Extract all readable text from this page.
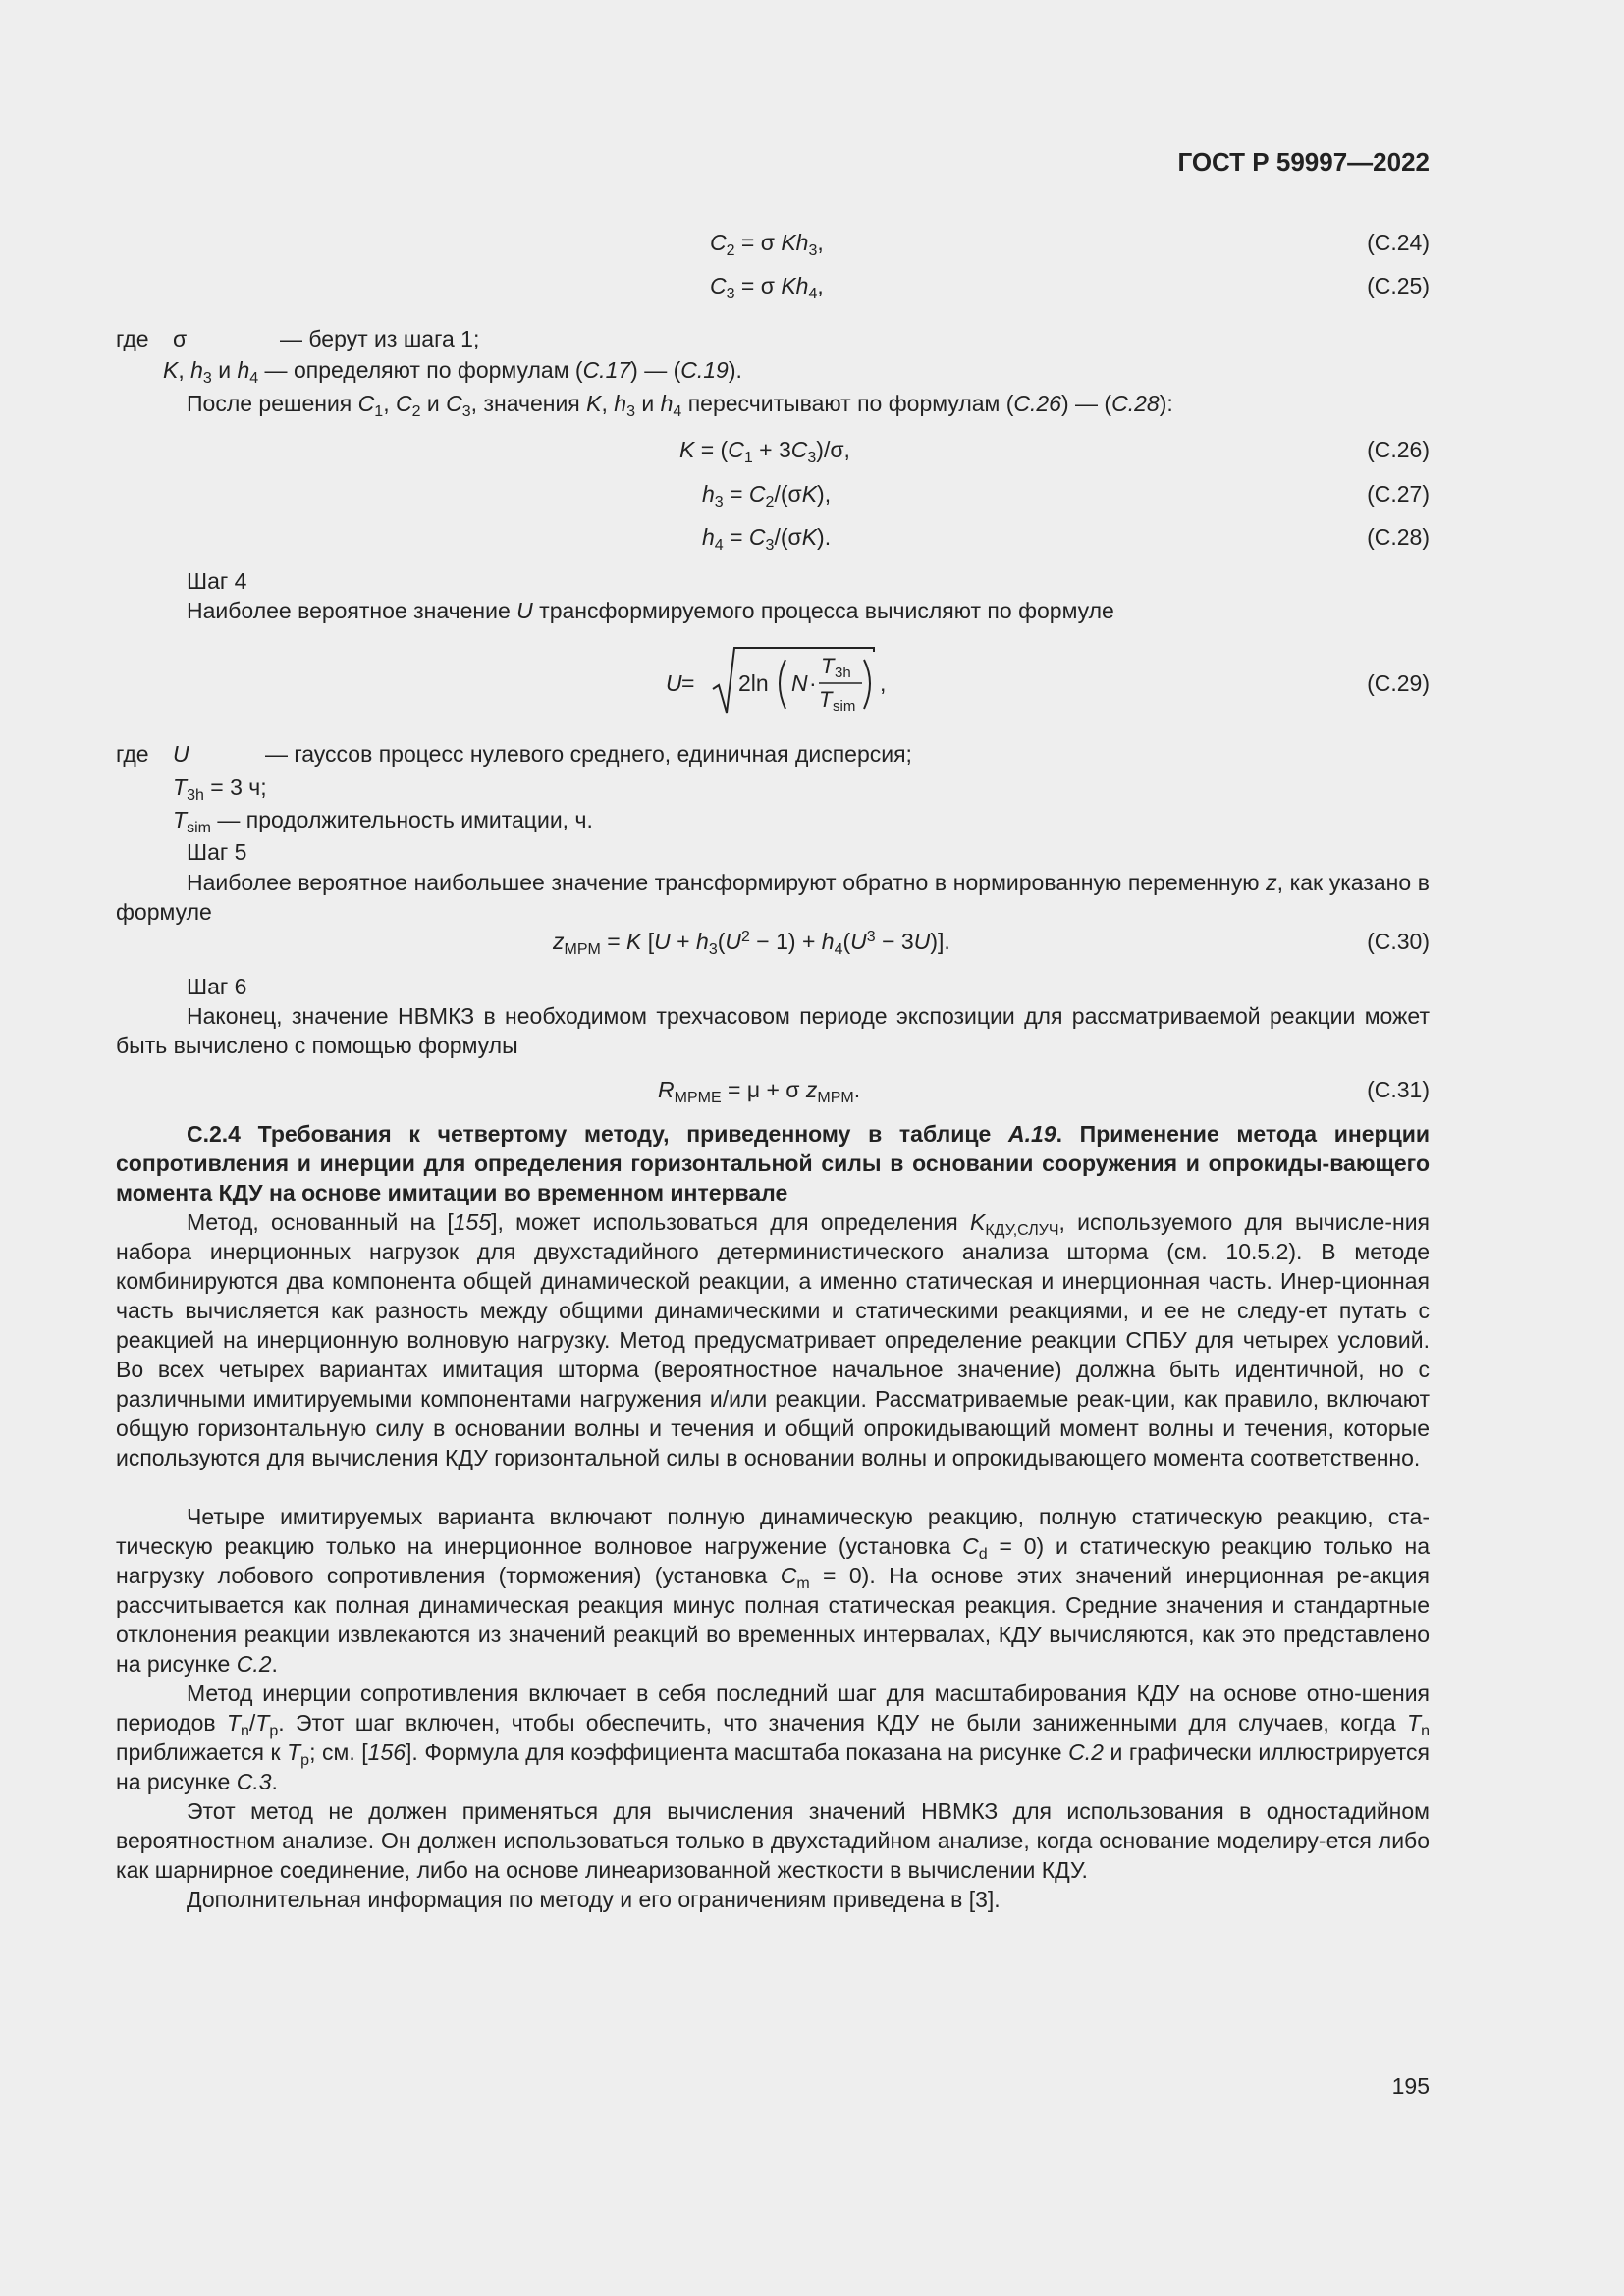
ГОСТ Р 59997—2022
$C_2 = \sigma$ $Kh_3$,	(C.24)
$C_3 = \sigma$ $Kh_4$,	(C.25)
где σ	— берут из шага 1;
K, $h_3$ и $h_4$ — определяют по формулам (C.17) — (C.19).
После решения $C_1$, $C_2$ и $C_3$, значения K, $h_3$ и $h_4$ пересчитывают по формулам (C.26) — (C.28):
$K = (C_1 + 3C_3)/\sigma$,	(C.26)
$h_3 = C_2/(\sigma K)$,	(C.27)
$h_4 = C_3/(\sigma K)$.	(C.28)
Шаг 4
Наиболее вероятное значение U трансформируемого процесса вычисляют по формуле
U = 2ln N ·
T 3h
T sim
,	(C.29)
где U	— гауссов процесс нулевого среднего, единичная дисперсия;
$T_{3h} = 3$ ч;
$T_{sim}$ — продолжительность имитации, ч.
Шаг 5

Наиболее вероятное наибольшее значение трансформируют обратно в нормированную переменную z, как указано в формуле

$z_{MPM} = K$ $[U + h_3(U^2 - 1) + h_4(U^3 - 3U)]$.	(C.30)
Шаг 6

Наконец, значение НВМКЗ в необходимом трехчасовом периоде экспозиции для рассматриваемой реакции может быть вычислено с помощью формулы

$R_{MPME} = \mu + \sigma$ $z_{MPM}$.	(C.31)

C.2.4 Требования к четвертому методу, приведенному в таблице A.19. Применение метода инерции сопротивления и инерции для определения горизонтальной силы в основании сооружения и опрокиды-вающего момента КДУ на основе имитации во временном интервале

Метод, основанный на [155], может использоваться для определения $K_{КДУ,СЛУЧ}$, используемого для вычисле-ния набора инерционных нагрузок для двухстадийного детерминистического анализа шторма (см. 10.5.2). В методе комбинируются два компонента общей динамической реакции, а именно статическая и инерционная часть. Инер-ционная часть вычисляется как разность между общими динамическими и статическими реакциями, и ее не следу-ет путать с реакцией на инерционную волновую нагрузку. Метод предусматривает определение реакции СПБУ для четырех условий. Во всех четырех вариантах имитация шторма (вероятностное начальное значение) должна быть идентичной, но с различными имитируемыми компонентами нагружения и/или реакции. Рассматриваемые реак-ции, как правило, включают общую горизонтальную силу в основании волны и течения и общий опрокидывающий момент волны и течения, которые используются для вычисления КДУ горизонтальной силы в основании волны и опрокидывающего момента соответственно.

Четыре имитируемых варианта включают полную динамическую реакцию, полную статическую реакцию, ста-тическую реакцию только на инерционное волновое нагружение (установка $C_d = 0$) и статическую реакцию только на нагрузку лобового сопротивления (торможения) (установка $C_m = 0$). На основе этих значений инерционная ре-акция рассчитывается как полная динамическая реакция минус полная статическая реакция. Средние значения и стандартные отклонения реакции извлекаются из значений реакций во временных интервалах, КДУ вычисляются, как это представлено на рисунке C.2.

Метод инерции сопротивления включает в себя последний шаг для масштабирования КДУ на основе отно-шения периодов $T_n/T_p$. Этот шаг включен, чтобы обеспечить, что значения КДУ не были заниженными для случаев, когда $T_n$ приближается к $T_p$; см. [156]. Формула для коэффициента масштаба показана на рисунке C.2 и графически иллюстрируется на рисунке C.3.

Этот метод не должен применяться для вычисления значений НВМКЗ для использования в одностадийном вероятностном анализе. Он должен использоваться только в двухстадийном анализе, когда основание моделиру-ется либо как шарнирное соединение, либо на основе линеаризованной жесткости в вычислении КДУ.

Дополнительная информация по методу и его ограничениям приведена в [3].

195
